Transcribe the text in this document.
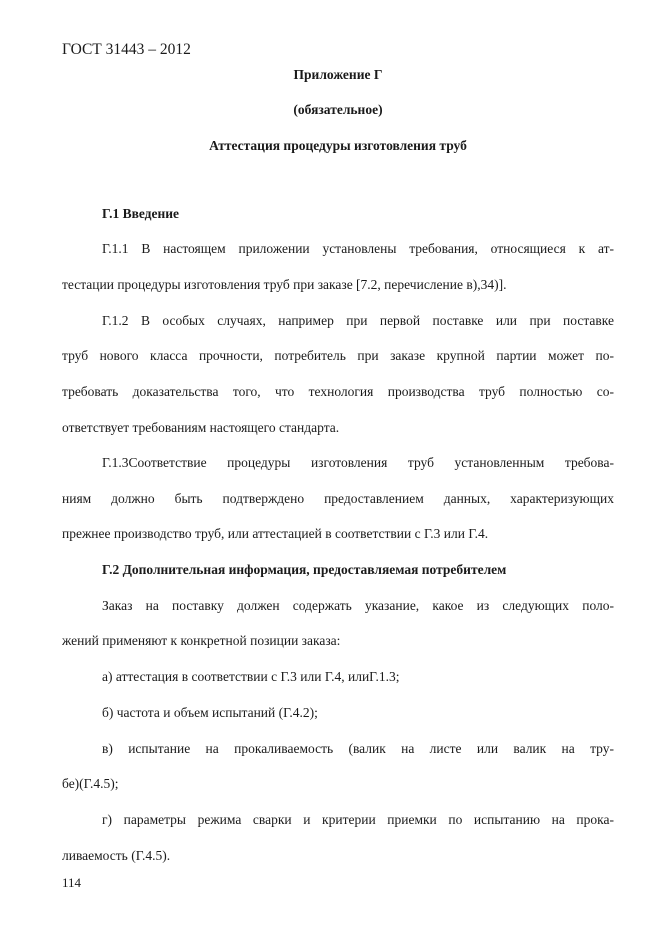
ГОСТ 31443 – 2012
Приложение Г
(обязательное)
Аттестация процедуры изготовления труб
Г.1 Введение
Г.1.1 В настоящем приложении установлены требования, относящиеся к ат-
тестации процедуры изготовления труб при заказе [7.2, перечисление в),34)].
Г.1.2 В особых случаях, например при первой поставке или при поставке
труб нового класса прочности, потребитель при заказе крупной партии может по-
требовать доказательства того, что технология производства труб полностью со-
ответствует требованиям настоящего стандарта.
Г.1.3Соответствие процедуры изготовления труб установленным требова-
ниям должно быть подтверждено предоставлением данных, характеризующих
прежнее производство труб, или аттестацией в соответствии с Г.3 или Г.4.
Г.2 Дополнительная информация, предоставляемая потребителем
Заказ на поставку должен содержать указание, какое из следующих поло-
жений применяют к конкретной позиции заказа:
а) аттестация в соответствии с Г.3 или Г.4, илиГ.1.3;
б) частота и объем испытаний (Г.4.2);
в) испытание на прокаливаемость (валик на листе или валик на тру-
бе)(Г.4.5);
г) параметры режима сварки и критерии приемки по испытанию на прока-
ливаемость (Г.4.5).
114
